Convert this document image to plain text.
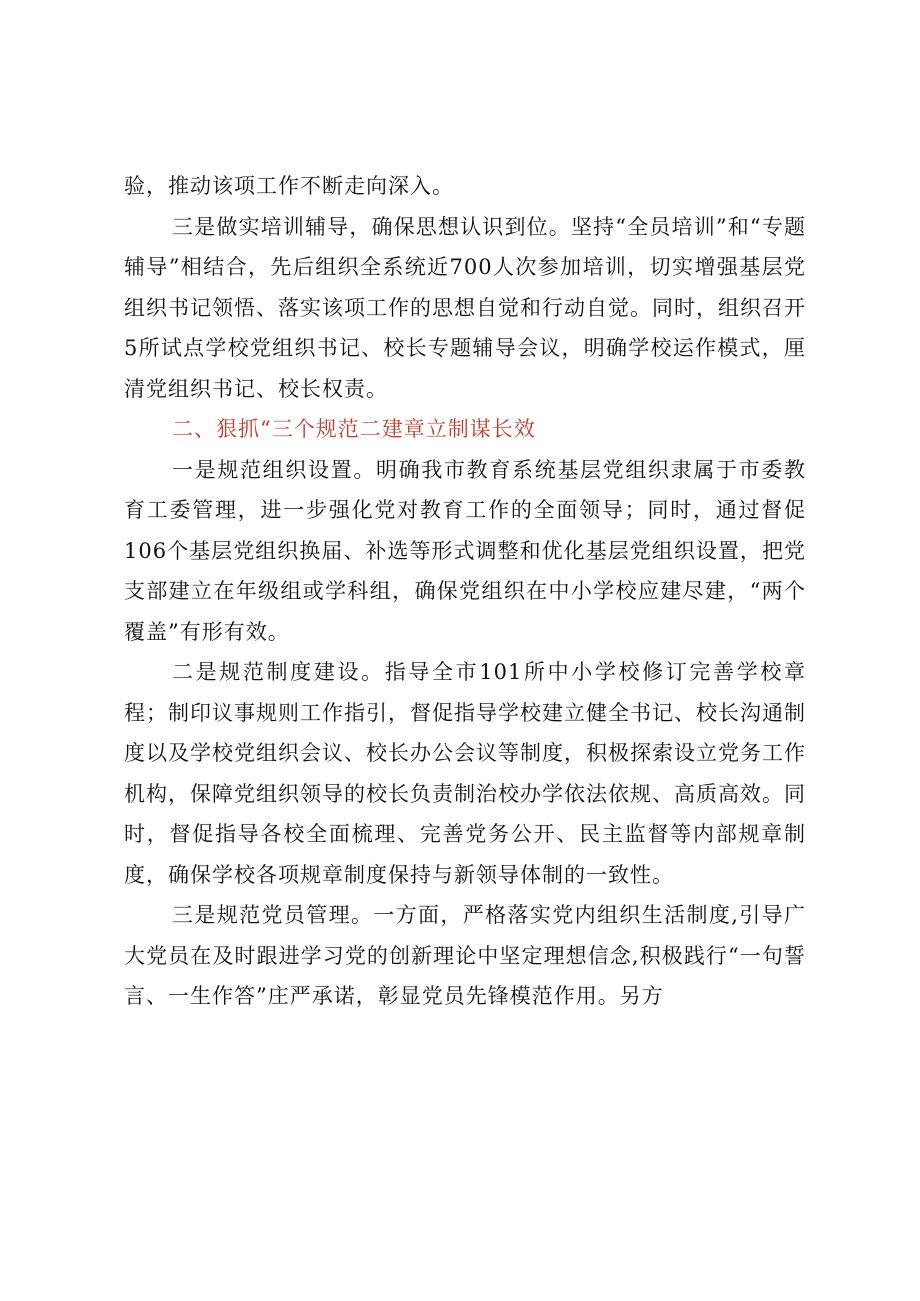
验，推动该项工作不断走向深入。

三是做实培训辅导，确保思想认识到位。坚持“全员培训”和“专题辅导”相结合，先后组织全系统近700人次参加培训，切实增强基层党组织书记领悟、落实该项工作的思想自觉和行动自觉。同时，组织召开5所试点学校党组织书记、校长专题辅导会议，明确学校运作模式，厘清党组织书记、校长权责。

二、狠抓“三个规范二建章立制谋长效

一是规范组织设置。明确我市教育系统基层党组织隶属于市委教育工委管理，进一步强化党对教育工作的全面领导；同时，通过督促106个基层党组织换届、补选等形式调整和优化基层党组织设置，把党支部建立在年级组或学科组，确保党组织在中小学校应建尽建，“两个覆盖”有形有效。

二是规范制度建设。指导全市101所中小学校修订完善学校章程；制印议事规则工作指引，督促指导学校建立健全书记、校长沟通制度以及学校党组织会议、校长办公会议等制度，积极探索设立党务工作机构，保障党组织领导的校长负责制治校办学依法依规、高质高效。同时，督促指导各校全面梳理、完善党务公开、民主监督等内部规章制度，确保学校各项规章制度保持与新领导体制的一致性。

三是规范党员管理。一方面，严格落实党内组织生活制度,引导广大党员在及时跟进学习党的创新理论中坚定理想信念,积极践行“一句誓言、一生作答”庄严承诺，彰显党员先锋模范作用。另方
